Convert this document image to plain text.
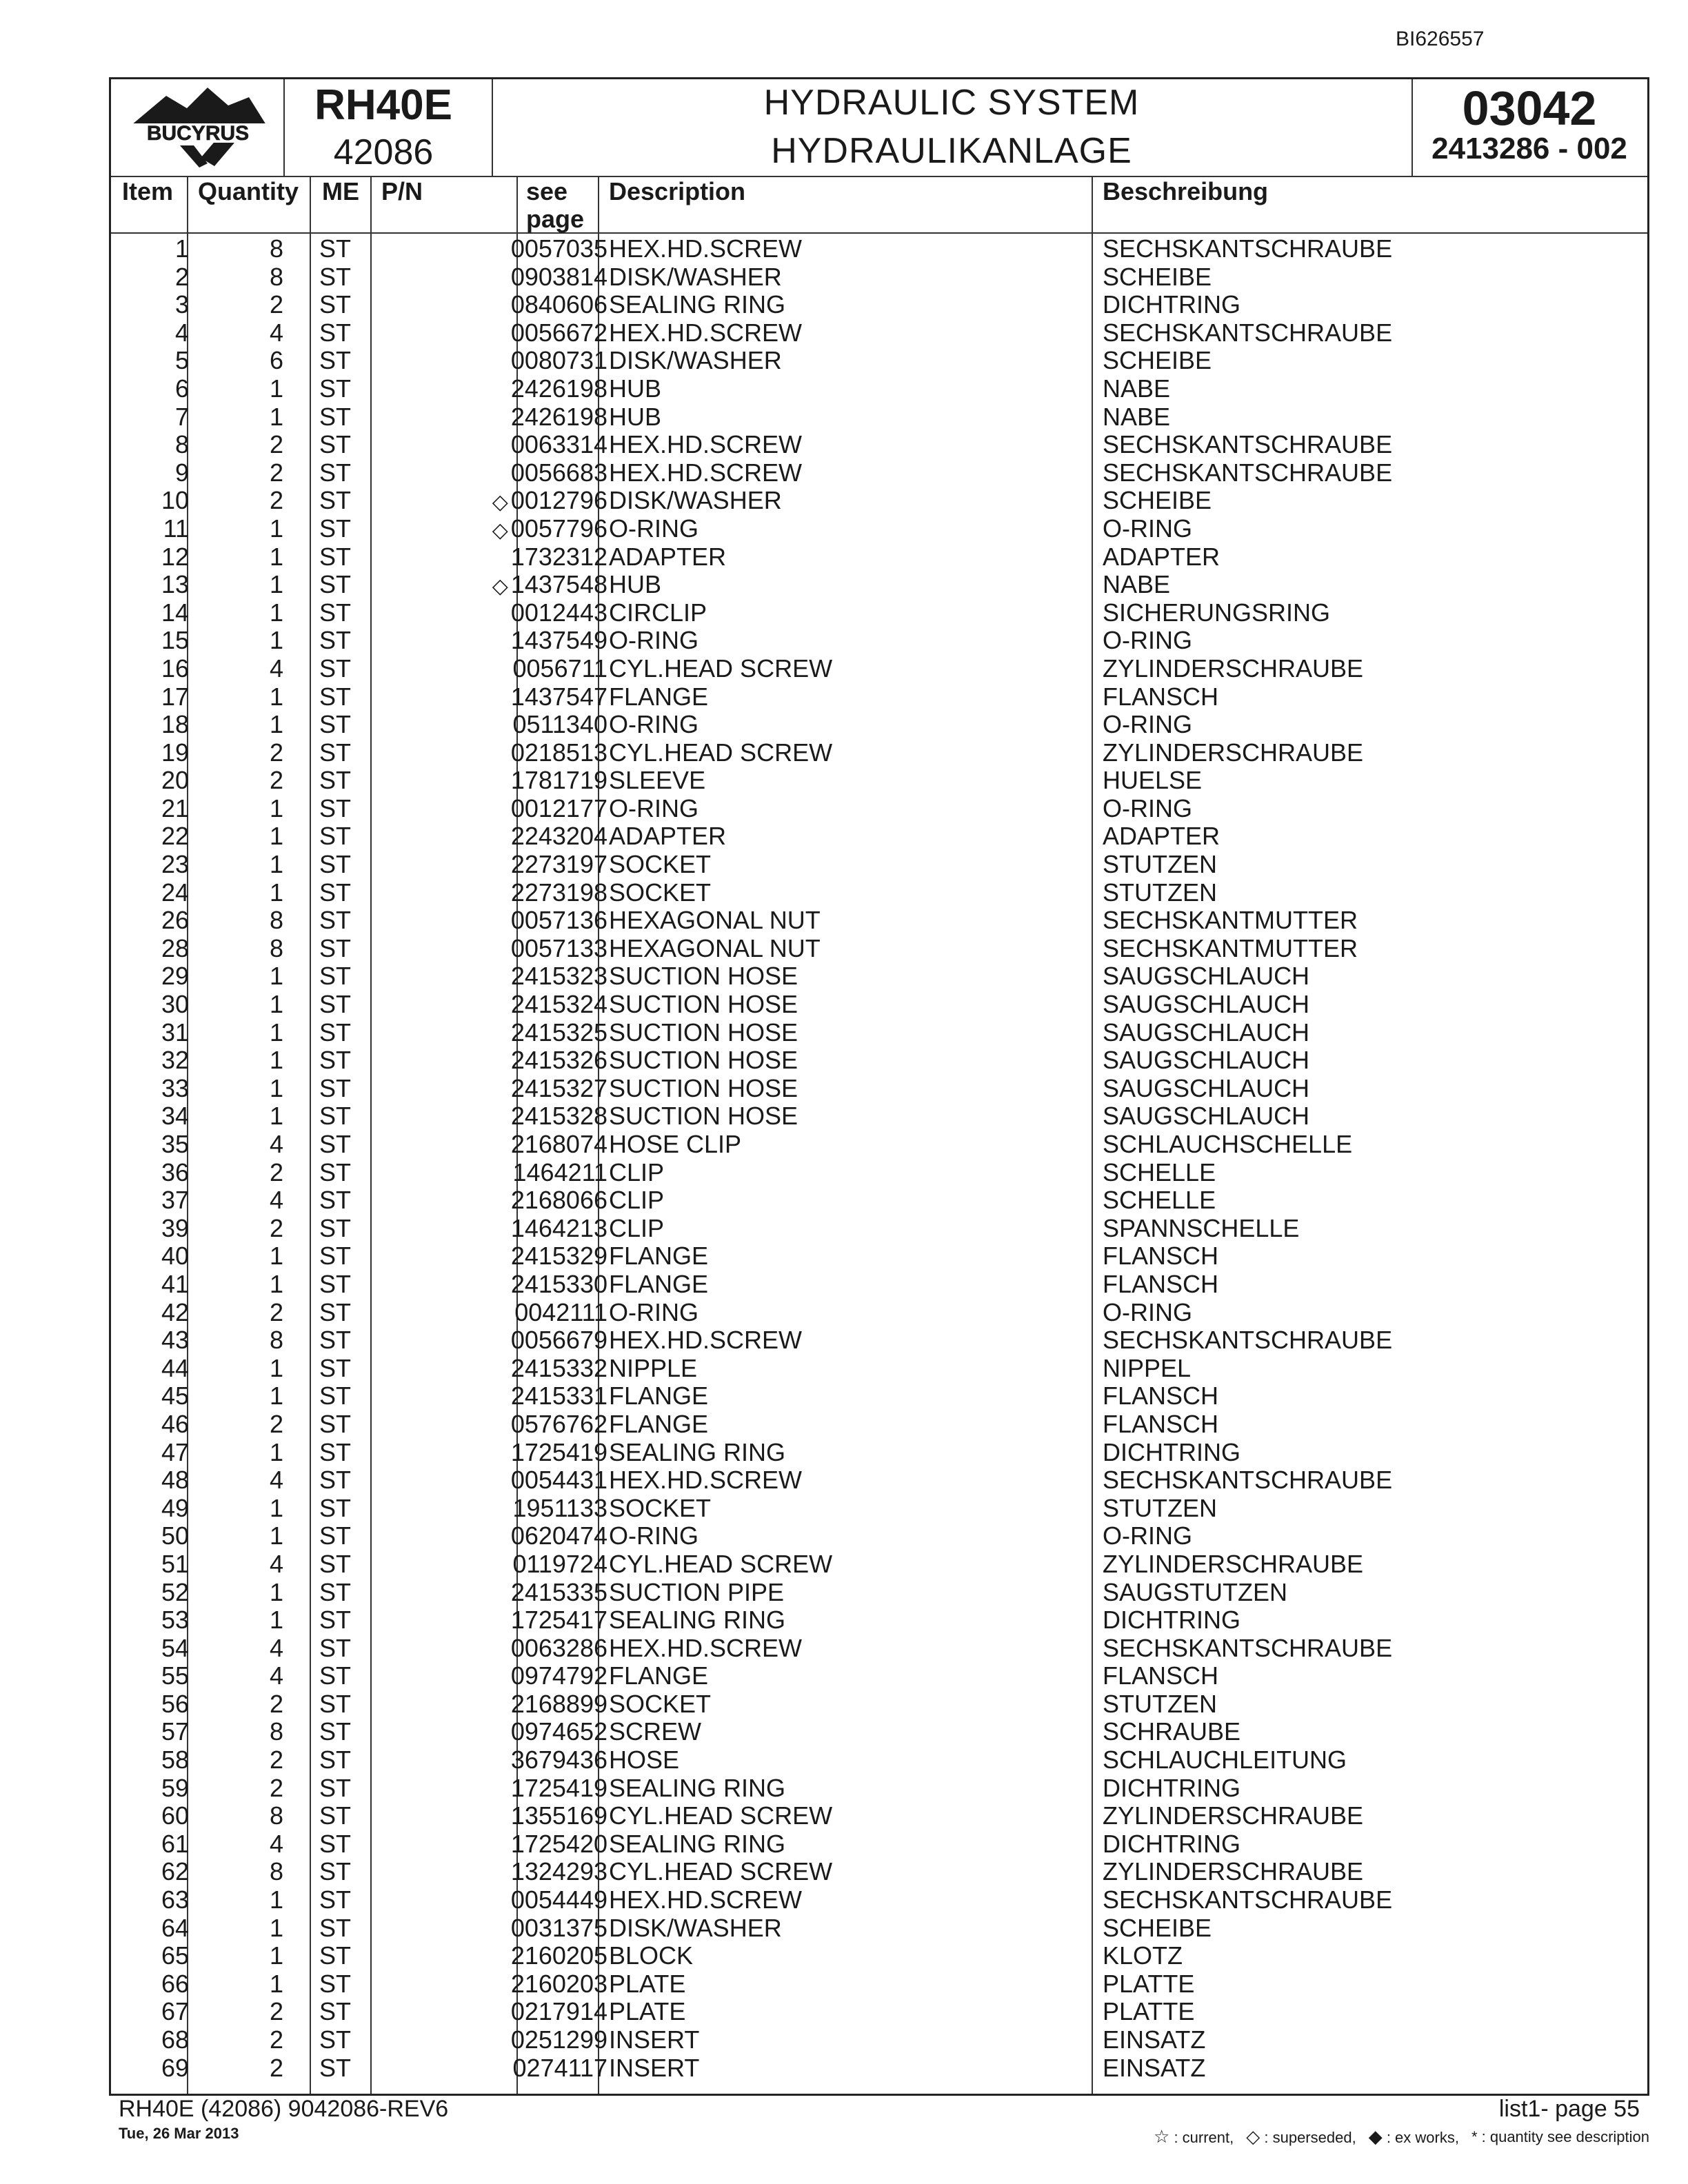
BI626557
BUCYRUS
RH40E
42086
HYDRAULIC SYSTEM
HYDRAULIKANLAGE
03042
2413286 - 002
Item Quantity ME P/N	see
page
Description	Beschreibung
1	8 ST	0057035 HEX.HD.SCREW	SECHSKANTSCHRAUBE
2	8 ST	0903814 DISK/WASHER	SCHEIBE
3	2 ST	0840606 SEALING RING	DICHTRING
4	4 ST	0056672 HEX.HD.SCREW	SECHSKANTSCHRAUBE
5	6 ST	0080731 DISK/WASHER	SCHEIBE
6	1 ST	2426198 HUB	NABE
7	1 ST	2426198 HUB	NABE
8	2 ST	0063314 HEX.HD.SCREW	SECHSKANTSCHRAUBE
9	2 ST	0056683 HEX.HD.SCREW	SECHSKANTSCHRAUBE
10	2 ST	◇ 0012796 DISK/WASHER	SCHEIBE
11	1 ST	◇ 0057796 O-RING	O-RING
12	1 ST	1732312 ADAPTER	ADAPTER
13	1 ST	◇ 1437548 HUB	NABE
14	1 ST	0012443 CIRCLIP	SICHERUNGSRING
15	1 ST	1437549 O-RING	O-RING
16	4 ST	0056711 CYL.HEAD SCREW	ZYLINDERSCHRAUBE
17	1 ST	1437547 FLANGE	FLANSCH
18	1 ST	0511340 O-RING	O-RING
19	2 ST	0218513 CYL.HEAD SCREW	ZYLINDERSCHRAUBE
20	2 ST	1781719 SLEEVE	HUELSE
21	1 ST	0012177 O-RING	O-RING
22	1 ST	2243204 ADAPTER	ADAPTER
23	1 ST	2273197 SOCKET	STUTZEN
24	1 ST	2273198 SOCKET	STUTZEN
26	8 ST	0057136 HEXAGONAL NUT	SECHSKANTMUTTER
28	8 ST	0057133 HEXAGONAL NUT	SECHSKANTMUTTER
29	1 ST	2415323 SUCTION HOSE	SAUGSCHLAUCH
30	1 ST	2415324 SUCTION HOSE	SAUGSCHLAUCH
31	1 ST	2415325 SUCTION HOSE	SAUGSCHLAUCH
32	1 ST	2415326 SUCTION HOSE	SAUGSCHLAUCH
33	1 ST	2415327 SUCTION HOSE	SAUGSCHLAUCH
34	1 ST	2415328 SUCTION HOSE	SAUGSCHLAUCH
35	4 ST	2168074 HOSE CLIP	SCHLAUCHSCHELLE
36	2 ST	1464211 CLIP	SCHELLE
37	4 ST	2168066 CLIP	SCHELLE
39	2 ST	1464213 CLIP	SPANNSCHELLE
40	1 ST	2415329 FLANGE	FLANSCH
41	1 ST	2415330 FLANGE	FLANSCH
42	2 ST	0042111 O-RING	O-RING
43	8 ST	0056679 HEX.HD.SCREW	SECHSKANTSCHRAUBE
44	1 ST	2415332 NIPPLE	NIPPEL
45	1 ST	2415331 FLANGE	FLANSCH
46	2 ST	0576762 FLANGE	FLANSCH
47	1 ST	1725419 SEALING RING	DICHTRING
48	4 ST	0054431 HEX.HD.SCREW	SECHSKANTSCHRAUBE
49	1 ST	1951133 SOCKET	STUTZEN
50	1 ST	0620474 O-RING	O-RING
51	4 ST	0119724 CYL.HEAD SCREW	ZYLINDERSCHRAUBE
52	1 ST	2415335 SUCTION PIPE	SAUGSTUTZEN
53	1 ST	1725417 SEALING RING	DICHTRING
54	4 ST	0063286 HEX.HD.SCREW	SECHSKANTSCHRAUBE
55	4 ST	0974792 FLANGE	FLANSCH
56	2 ST	2168899 SOCKET	STUTZEN
57	8 ST	0974652 SCREW	SCHRAUBE
58	2 ST	3679436 HOSE	SCHLAUCHLEITUNG
59	2 ST	1725419 SEALING RING	DICHTRING
60	8 ST	1355169 CYL.HEAD SCREW	ZYLINDERSCHRAUBE
61	4 ST	1725420 SEALING RING	DICHTRING
62	8 ST	1324293 CYL.HEAD SCREW	ZYLINDERSCHRAUBE
63	1 ST	0054449 HEX.HD.SCREW	SECHSKANTSCHRAUBE
64	1 ST	0031375 DISK/WASHER	SCHEIBE
65	1 ST	2160205 BLOCK	KLOTZ
66	1 ST	2160203 PLATE	PLATTE
67	2 ST	0217914 PLATE	PLATTE
68	2 ST	0251299 INSERT	EINSATZ
69	2 ST	0274117 INSERT	EINSATZ
RH40E (42086) 9042086-REV6
Tue, 26 Mar 2013
list1- page 55
☆ : current, ◇ : superseded, ◆ : ex works, * : quantity see description
